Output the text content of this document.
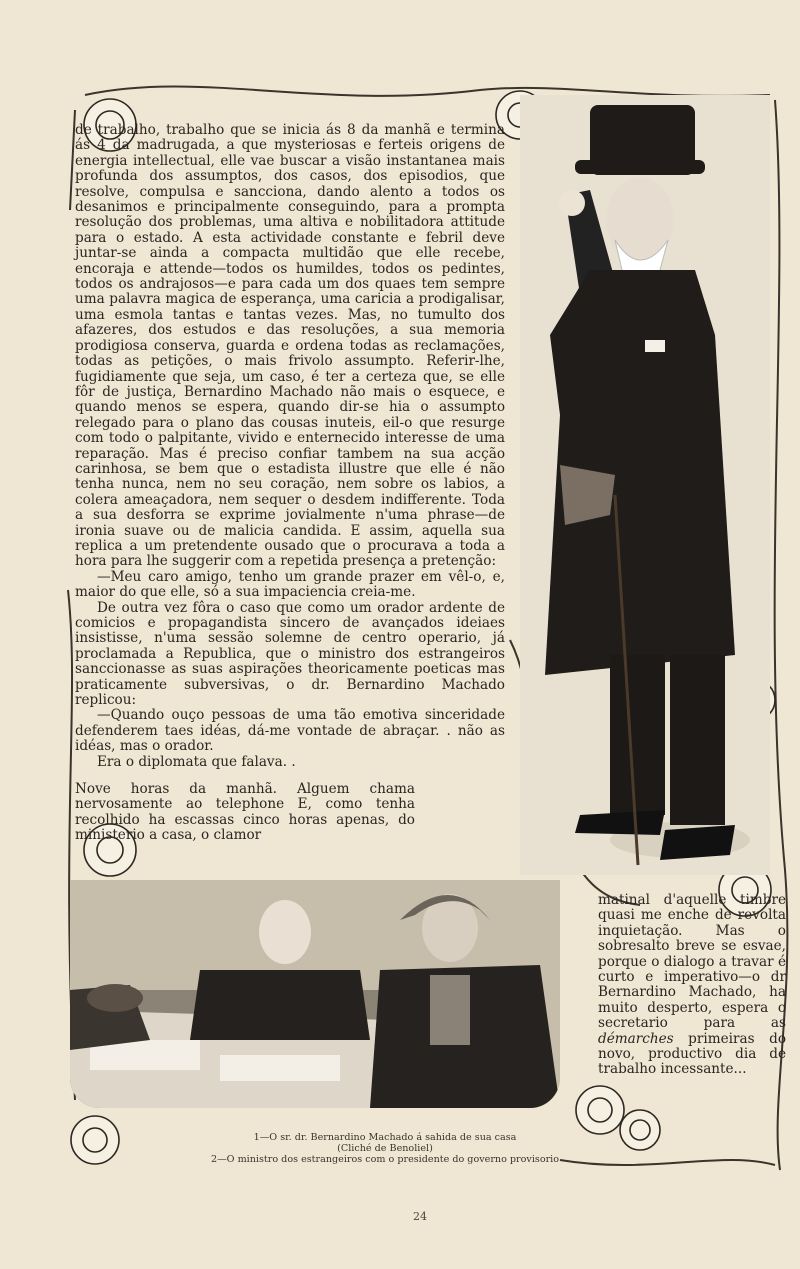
de trabalho, trabalho que se inicia ás 8 da manhã e termina ás 4 da madrugada, a que mysteriosas e ferteis origens de energia intellectual, elle vae buscar a visão instantanea mais profunda dos assumptos, dos casos, dos episodios, que resolve, compulsa e sancciona, dando alento a todos os desanimos e principalmente conseguindo, para a prompta resolução dos problemas, uma altiva e nobilitadora attitude para o estado. A esta actividade constante e febril deve juntar-se ainda a compacta multidão que elle recebe, encoraja e attende—todos os humildes, todos os pedintes, todos os andrajosos—e para cada um dos quaes tem sempre uma palavra magica de esperança, uma caricia a prodigalisar, uma esmola tantas e tantas vezes. Mas, no tumulto dos afazeres, dos estudos e das resoluções, a sua memoria prodigiosa conserva, guarda e ordena todas as reclamações, todas as petições, o mais frivolo assumpto. Referir-lhe, fugidiamente que seja, um caso, é ter a certeza que, se elle fôr de justiça, Bernardino Machado não mais o esquece, e quando menos se espera, quando dir-se hia o assumpto relegado para o plano das cousas inuteis, eil-o que resurge com todo o palpitante, vivido e enternecido interesse de uma reparação. Mas é preciso confiar tambem na sua acção carinhosa, se bem que o estadista illustre que elle é não tenha nunca, nem no seu coração, nem sobre os labios, a colera ameaçadora, nem sequer o desdem indifferente. Toda a sua desforra se exprime jovialmente n'uma phrase—de ironia suave ou de malicia candida. E assim, aquella sua replica a um pretendente ousado que o procurava a toda a hora para lhe suggerir com a repetida presença a pretenção:

—Meu caro amigo, tenho um grande prazer em vêl-o, e, maior do que elle, só a sua impaciencia creia-me.

De outra vez fôra o caso que como um orador ardente de comicios e propagandista sincero de avançados ideiaes insistisse, n'uma sessão solemne de centro operario, já proclamada a Republica, que o ministro dos estrangeiros sanccionasse as suas aspirações theoricamente poeticas mas praticamente subversivas, o dr. Bernardino Machado replicou:

—Quando ouço pessoas de uma tão emotiva sinceridade defenderem taes idéas, dá-me vontade de abraçar. . não as idéas, mas o orador.

Era o diplomata que falava. .

Nove horas da manhã. Alguem chama nervosamente ao telephone E, como tenha recolhido ha escassas cinco horas apenas, do ministerio a casa, o clamor

matinal d'aquelle timbre quasi me enche de revolta inquietação. Mas o sobresalto breve se esvae, porque o dialogo a travar é curto e imperativo—o dr Bernardino Machado, ha muito desperto, espera o secretario para as démarches primeiras do novo, productivo dia de trabalho incessante...
1—O sr. dr. Bernardino Machado á sahida de sua casa
(Cliché de Benoliel)
2—O ministro dos estrangeiros com o presidente do governo provisorio
24
